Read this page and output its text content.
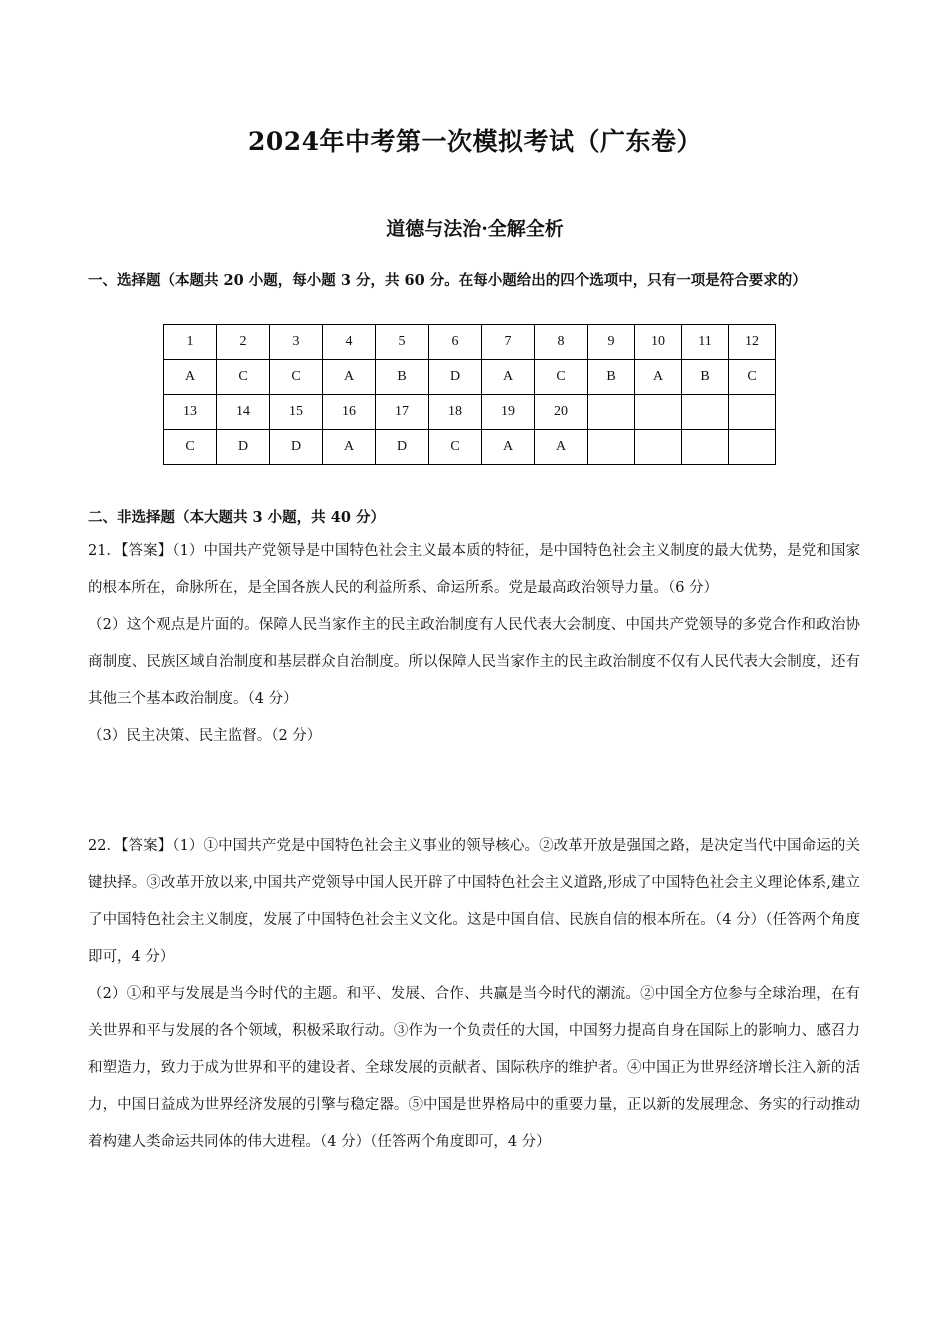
2024年中考第一次模拟考试（广东卷）
道德与法治·全解全析
一、选择题（本题共 20 小题，每小题 3 分，共 60 分。在每小题给出的四个选项中，只有一项是符合要求的）
1	2	3	4	5	6	7	8	9	10	11	12
A	C	C	A	B	D	A	C	B	A	B	C
13	14	15	16	17	18	19	20				
C	D	D	A	D	C	A	A				
二、非选择题（本大题共 3 小题，共 40 分）

21．【答案】（1）中国共产党领导是中国特色社会主义最本质的特征，是中国特色社会主义制度的最大优势，是党和国家的根本所在，命脉所在，是全国各族人民的利益所系、命运所系。党是最高政治领导力量。（6 分）

（2）这个观点是片面的。保障人民当家作主的民主政治制度有人民代表大会制度、中国共产党领导的多党合作和政治协商制度、民族区域自治制度和基层群众自治制度。所以保障人民当家作主的民主政治制度不仅有人民代表大会制度，还有其他三个基本政治制度。（4 分）

（3）民主决策、民主监督。（2 分）

22．【答案】（1）①中国共产党是中国特色社会主义事业的领导核心。②改革开放是强国之路，是决定当代中国命运的关键抉择。③改革开放以来,中国共产党领导中国人民开辟了中国特色社会主义道路,形成了中国特色社会主义理论体系,建立了中国特色社会主义制度，发展了中国特色社会主义文化。这是中国自信、民族自信的根本所在。（4 分）（任答两个角度即可，4 分）

（2）①和平与发展是当今时代的主题。和平、发展、合作、共赢是当今时代的潮流。②中国全方位参与全球治理，在有关世界和平与发展的各个领域，积极采取行动。③作为一个负责任的大国，中国努力提高自身在国际上的影响力、感召力和塑造力，致力于成为世界和平的建设者、全球发展的贡献者、国际秩序的维护者。④中国正为世界经济增长注入新的活力，中国日益成为世界经济发展的引擎与稳定器。⑤中国是世界格局中的重要力量，正以新的发展理念、务实的行动推动着构建人类命运共同体的伟大进程。（4 分）（任答两个角度即可，4 分）
